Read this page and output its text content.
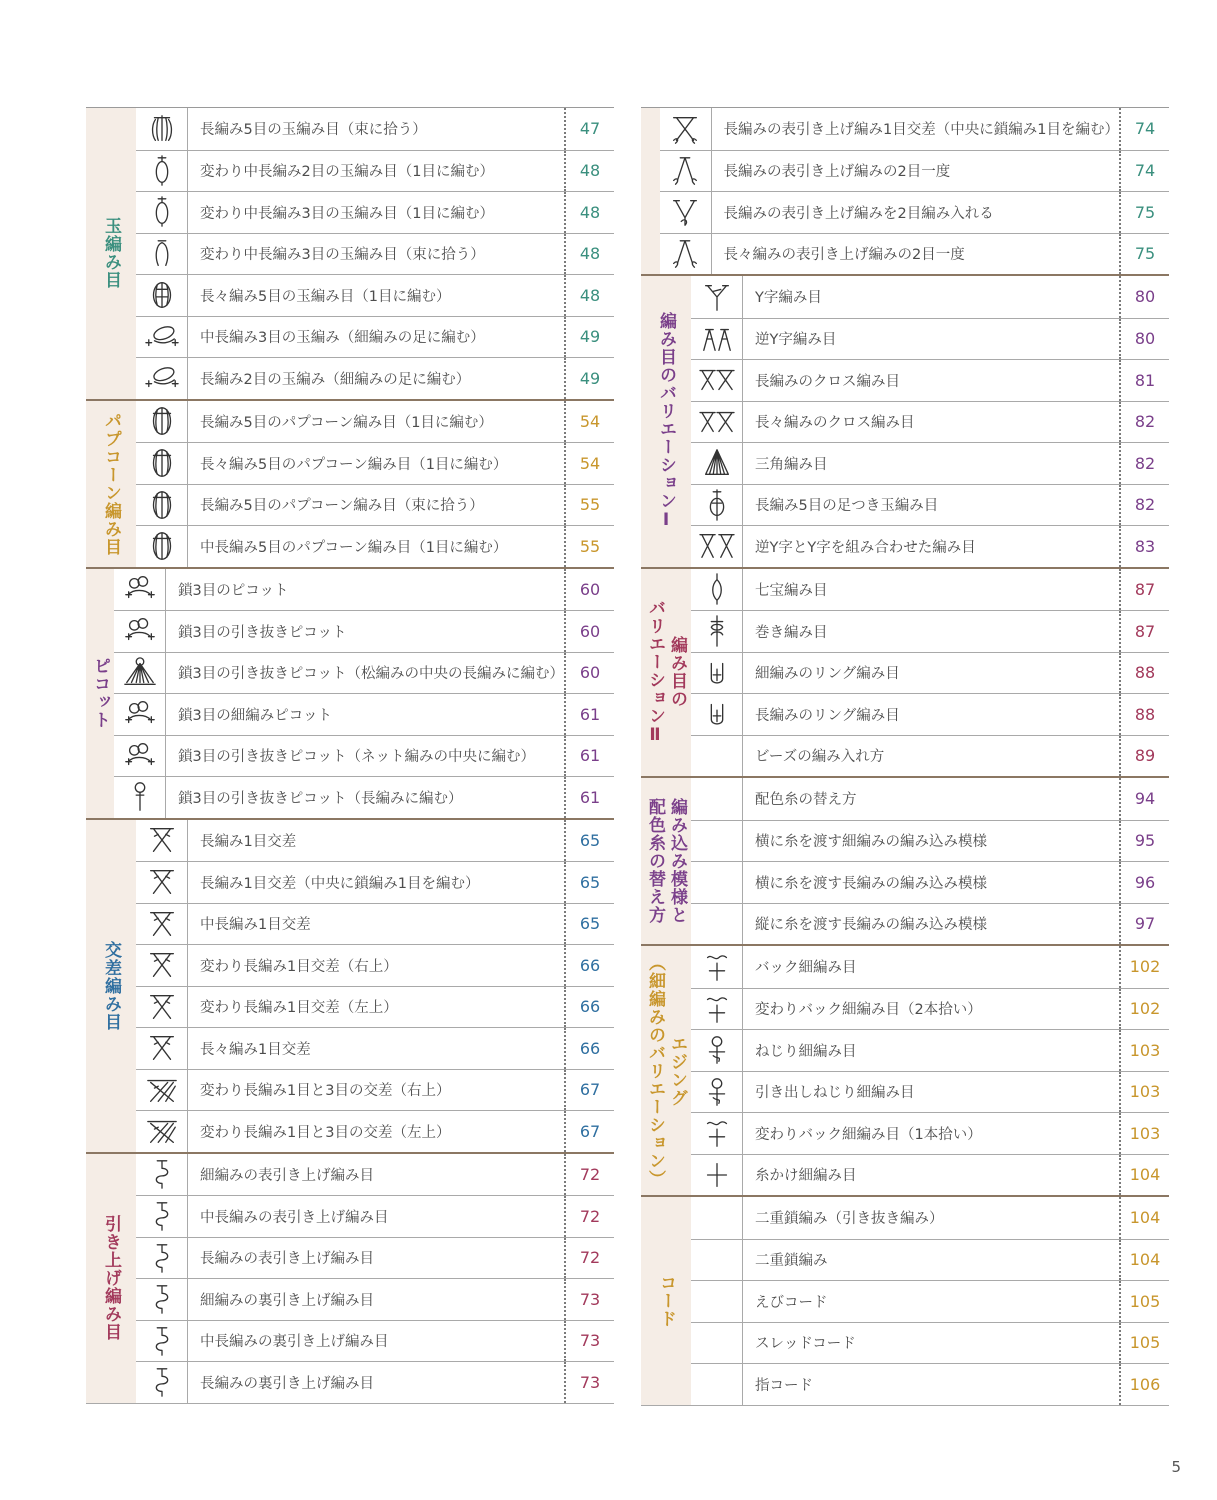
玉編み目
長編み5目の玉編み目（束に拾う）	47
変わり中長編み2目の玉編み目（1目に編む）	48
変わり中長編み3目の玉編み目（1目に編む）	48
変わり中長編み3目の玉編み目（束に拾う）	48
長々編み5目の玉編み目（1目に編む）	48
中長編み3目の玉編み（細編みの足に編む）	49
長編み2目の玉編み（細編みの足に編む）	49
パプコーン編み目	長編み5目のパプコーン編み目（1目に編む）	54
長々編み5目のパプコーン編み目（1目に編む）	54
長編み5目のパプコーン編み目（束に拾う）	55
中長編み5目のパプコーン編み目（1目に編む）	55
ピコット
鎖3目のピコット	60
鎖3目の引き抜きピコット	60
鎖3目の引き抜きピコット（松編みの中央の長編みに編む） 60
鎖3目の細編みピコット	61
鎖3目の引き抜きピコット（ネット編みの中央に編む）	61
鎖3目の引き抜きピコット（長編みに編む）	61
交差編み目
長編み1目交差	65
長編み1目交差（中央に鎖編み1目を編む）	65
中長編み1目交差	65
変わり長編み1目交差（右上）	66
変わり長編み1目交差（左上）	66
長々編み1目交差	66
変わり長編み1目と3目の交差（右上）	67
変わり長編み1目と3目の交差（左上）	67
引き上げ編み目
細編みの表引き上げ編み目	72
中長編みの表引き上げ編み目	72
長編みの表引き上げ編み目	72
細編みの裏引き上げ編み目	73
中長編みの裏引き上げ編み目	73
長編みの裏引き上げ編み目	73
長編みの表引き上げ編み1目交差（中央に鎖編み1目を編む） 74
長編みの表引き上げ編みの2目一度	74
長編みの表引き上げ編みを2目編み入れる	75
長々編みの表引き上げ編みの2目一度	75
編み目のバリエーションⅠ
Y字編み目	80
逆Y字編み目	80
長編みのクロス編み目	81
長々編みのクロス編み目	82
三角編み目	82
長編み5目の足つき玉編み目	82
逆Y字とY字を組み合わせた編み目	83
編み目の
バリエーションⅡ
七宝編み目	87
巻き編み目	87
細編みのリング編み目	88
長編みのリング編み目	88
ビーズの編み入れ方	89
編み込み模様と
配色糸の替え方	配色糸の替え方	94
横に糸を渡す細編みの編み込み模様	95
横に糸を渡す長編みの編み込み模様	96
縦に糸を渡す長編みの編み込み模様	97
エジング
（細編みのバリエーション）	バック細編み目	102
変わりバック細編み目（2本拾い）	102
ねじり細編み目	103
引き出しねじり細編み目	103
変わりバック細編み目（1本拾い）	103
糸かけ細編み目	104
コード
二重鎖編み（引き抜き編み）	104
二重鎖編み	104
えびコード	105
スレッドコード	105
指コード	106
5
